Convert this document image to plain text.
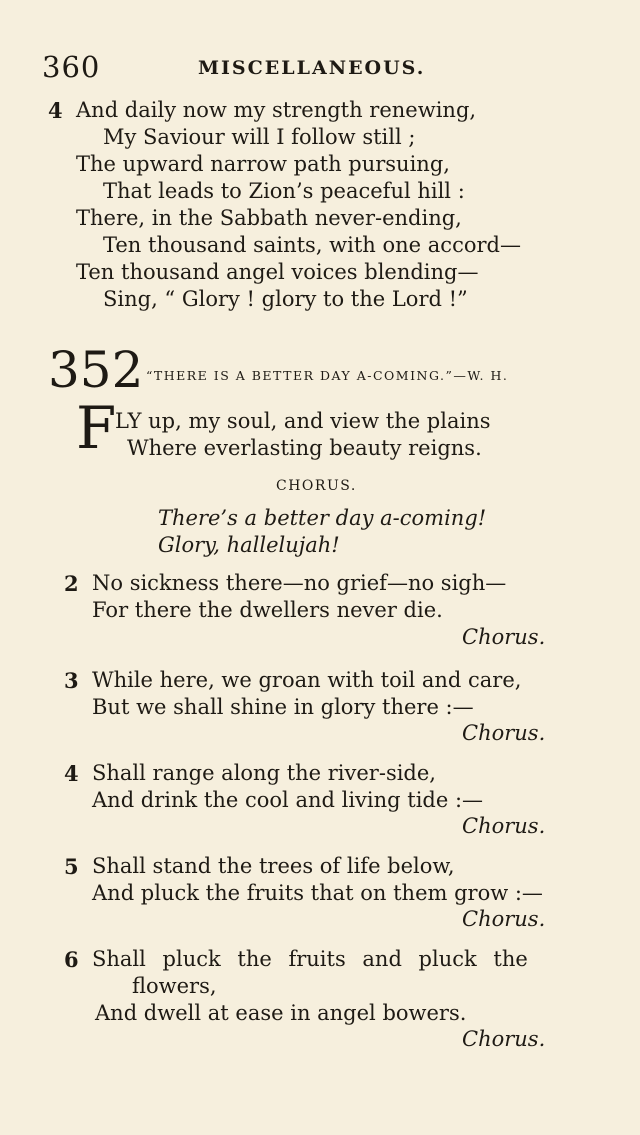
360	MISCELLANEOUS.
4 And daily now my strength renewing,
My Saviour will I follow still ;
The upward narrow path pursuing,
That leads to Zion’s peaceful hill :
There, in the Sabbath never-ending,
Ten thousand saints, with one accord—
Ten thousand angel voices blending—
Sing, “ Glory ! glory to the Lord !”
352 “THERE IS A BETTER DAY A-COMING.”—W. H.
F
LY up, my soul, and view the plains
Where everlasting beauty reigns.
CHORUS.
There’s a better day a-coming!
Glory, hallelujah!
2 No sickness there—no grief—no sigh—
For there the dwellers never die.
Chorus.
3 While here, we groan with toil and care,
But we shall shine in glory there :—
Chorus.
4 Shall range along the river-side,
And drink the cool and living tide :—
Chorus.
5 Shall stand the trees of life below,
And pluck the fruits that on them grow :—
Chorus.
6 Shall pluck the fruits and pluck the
flowers,
And dwell at ease in angel bowers.
Chorus.
